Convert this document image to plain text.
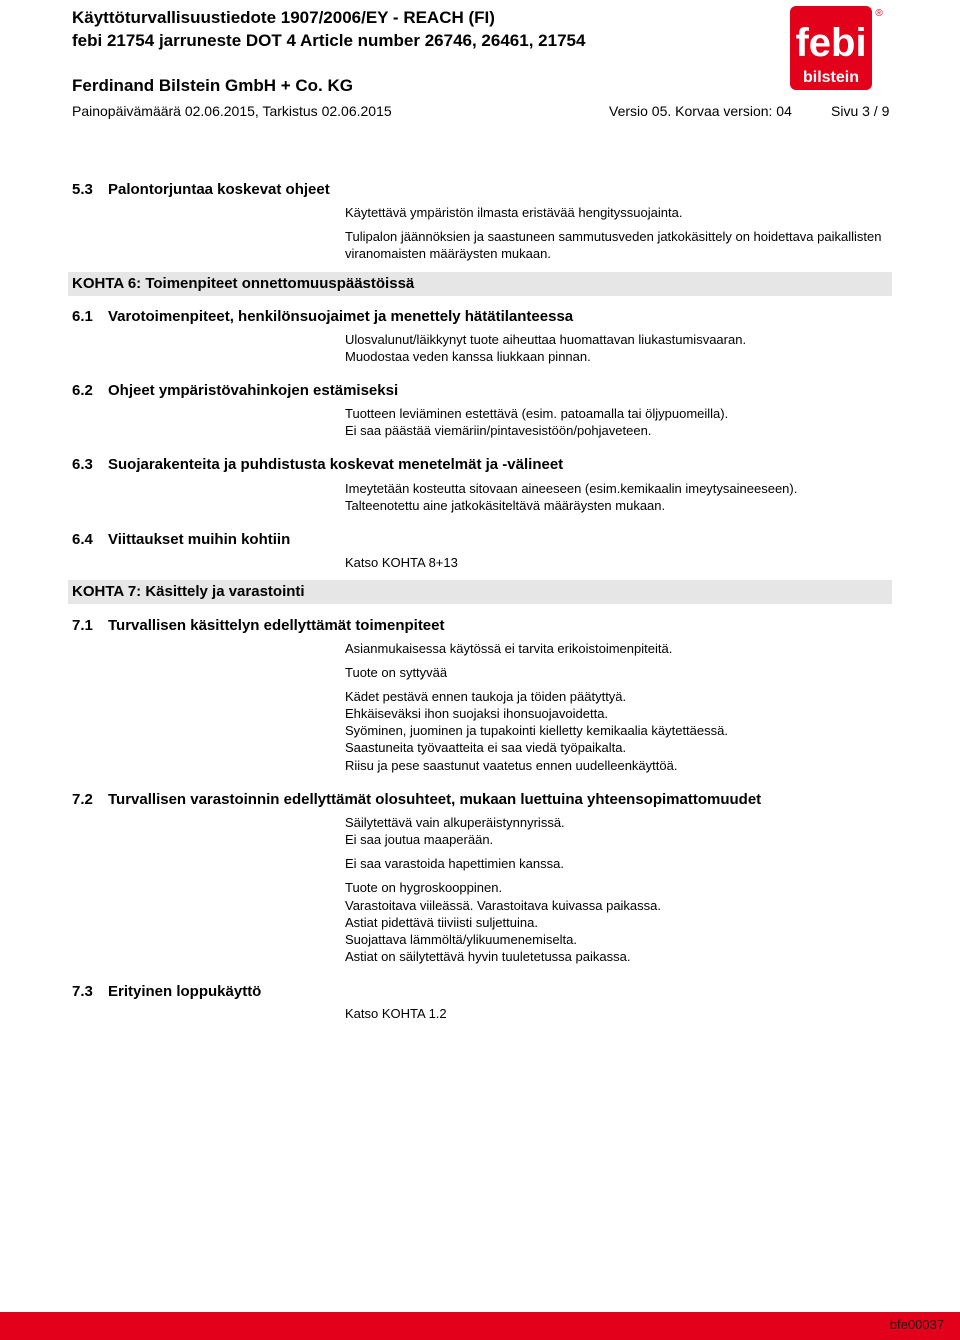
Käyttöturvallisuustiedote 1907/2006/EY - REACH (FI)
febi 21754 jarruneste DOT 4 Article number 26746, 26461, 21754
Ferdinand Bilstein GmbH + Co. KG
Painopäivämäärä 02.06.2015, Tarkistus 02.06.2015	Versio 05. Korvaa version: 04	Sivu 3 / 9
febi
bilstein
®
5.3 Palontorjuntaa koskevat ohjeet
Käytettävä ympäristön ilmasta eristävää hengityssuojainta.
Tulipalon jäännöksien ja saastuneen sammutusveden jatkokäsittely on hoidettava paikallisten
viranomaisten määräysten mukaan.
KOHTA 6: Toimenpiteet onnettomuuspäästöissä
6.1 Varotoimenpiteet, henkilönsuojaimet ja menettely hätätilanteessa
Ulosvalunut/läikkynyt tuote aiheuttaa huomattavan liukastumisvaaran.
Muodostaa veden kanssa liukkaan pinnan.
6.2 Ohjeet ympäristövahinkojen estämiseksi
Tuotteen leviäminen estettävä (esim. patoamalla tai öljypuomeilla).
Ei saa päästää viemäriin/pintavesistöön/pohjaveteen.
6.3 Suojarakenteita ja puhdistusta koskevat menetelmät ja -välineet
Imeytetään kosteutta sitovaan aineeseen (esim.kemikaalin imeytysaineeseen).
Talteenotettu aine jatkokäsiteltävä määräysten mukaan.
6.4 Viittaukset muihin kohtiin
Katso KOHTA 8+13
KOHTA 7: Käsittely ja varastointi
7.1 Turvallisen käsittelyn edellyttämät toimenpiteet
Asianmukaisessa käytössä ei tarvita erikoistoimenpiteitä.
Tuote on syttyvää
Kädet pestävä ennen taukoja ja töiden päätyttyä.
Ehkäiseväksi ihon suojaksi ihonsuojavoidetta.
Syöminen, juominen ja tupakointi kielletty kemikaalia käytettäessä.
Saastuneita työvaatteita ei saa viedä työpaikalta.
Riisu ja pese saastunut vaatetus ennen uudelleenkäyttöä.
7.2 Turvallisen varastoinnin edellyttämät olosuhteet, mukaan luettuina yhteensopimattomuudet
Säilytettävä vain alkuperäistynnyrissä.
Ei saa joutua maaperään.
Ei saa varastoida hapettimien kanssa.
Tuote on hygroskooppinen.
Varastoitava viileässä. Varastoitava kuivassa paikassa.
Astiat pidettävä tiiviisti suljettuina.
Suojattava lämmöltä/ylikuumenemiselta.
Astiat on säilytettävä hyvin tuuletetussa paikassa.
7.3 Erityinen loppukäyttö
Katso KOHTA 1.2
bfe00037
